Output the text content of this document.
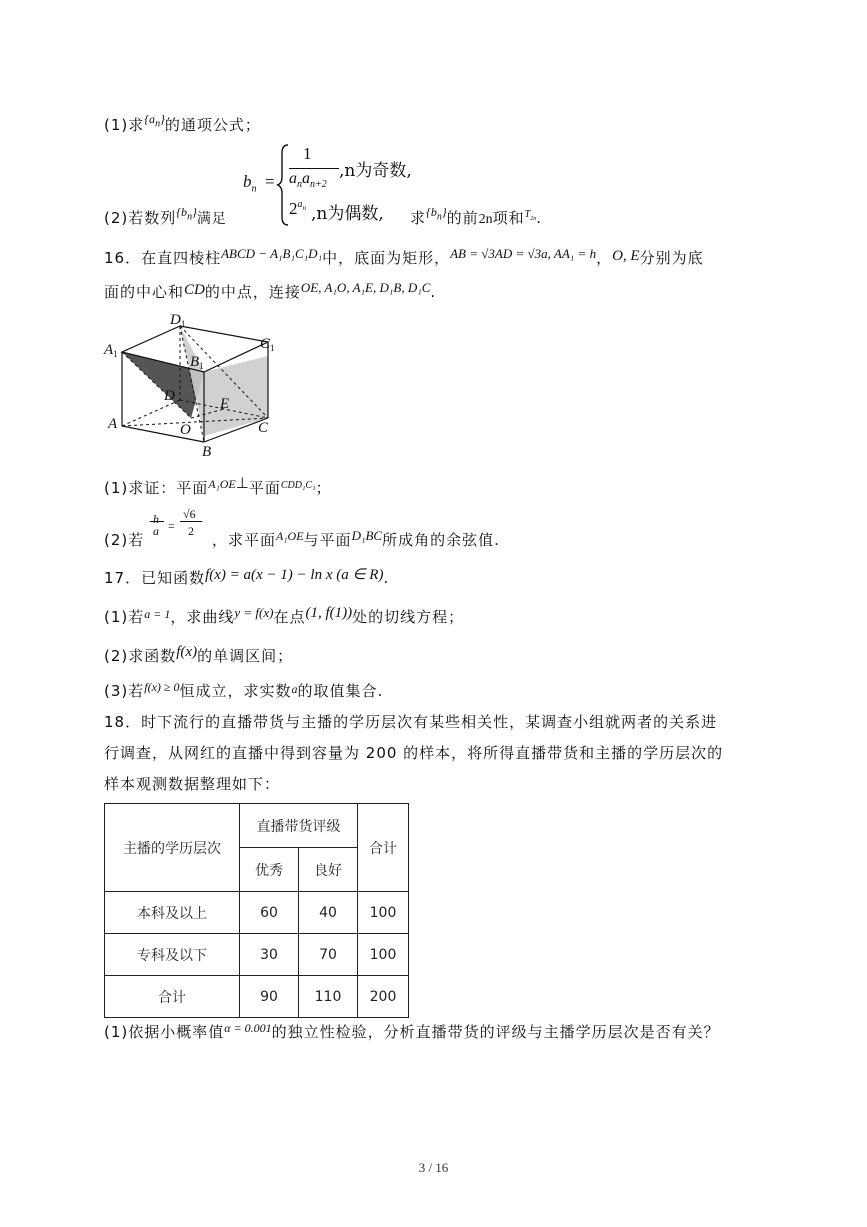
(1)求$^{\{a_n\}}$的通项公式；
$b_n$ =
1
$a_na_{n+2}$
,n为奇数,
$2^{a_n}$ ,n为偶数,
(2)若数列$^{\{b_n\}}$满足	求$^{\{b_n\}}$的前2n项和$^{T_{2n}}$.
16．在直四棱柱ABCD − A₁B₁C₁D₁中，底面为矩形，AB = √3AD = √3a, AA₁ = h，O, E分别为底
面的中心和CD的中点，连接OE, A₁O, A₁E, D₁B, D₁C.
$D_1$
$C_1$
$A_1$	$B_1$
D	E
A	O	C
B
(1)求证：平面$^{A_1OE}$⊥平面$^{CDD_1C_1}$；
(2)若
h
a =
√6
2 ，求平面$^{A_1OE}$与平面D₁BC所成角的余弦值.
17．已知函数f(x) = a(x − 1) − ln x (a ∈ R).
(1)若$^{a = 1}$，求曲线y = f(x)在点(1, f(1))处的切线方程；
(2)求函数f(x)的单调区间；
(3)若$^{f(x) \ge 0}$恒成立，求实数$^a$的取值集合.
18．时下流行的直播带货与主播的学历层次有某些相关性，某调查小组就两者的关系进
行调查，从网红的直播中得到容量为 200 的样本，将所得直播带货和主播的学历层次的
样本观测数据整理如下：
主播的学历层次	直播带货评级		合计
	优秀	良好	
本科及以上	60	40	100
专科及以下	30	70	100
合计	90	110	200
(1)依据小概率值$^{\alpha = 0.001}$的独立性检验，分析直播带货的评级与主播学历层次是否有关？
3 / 16
